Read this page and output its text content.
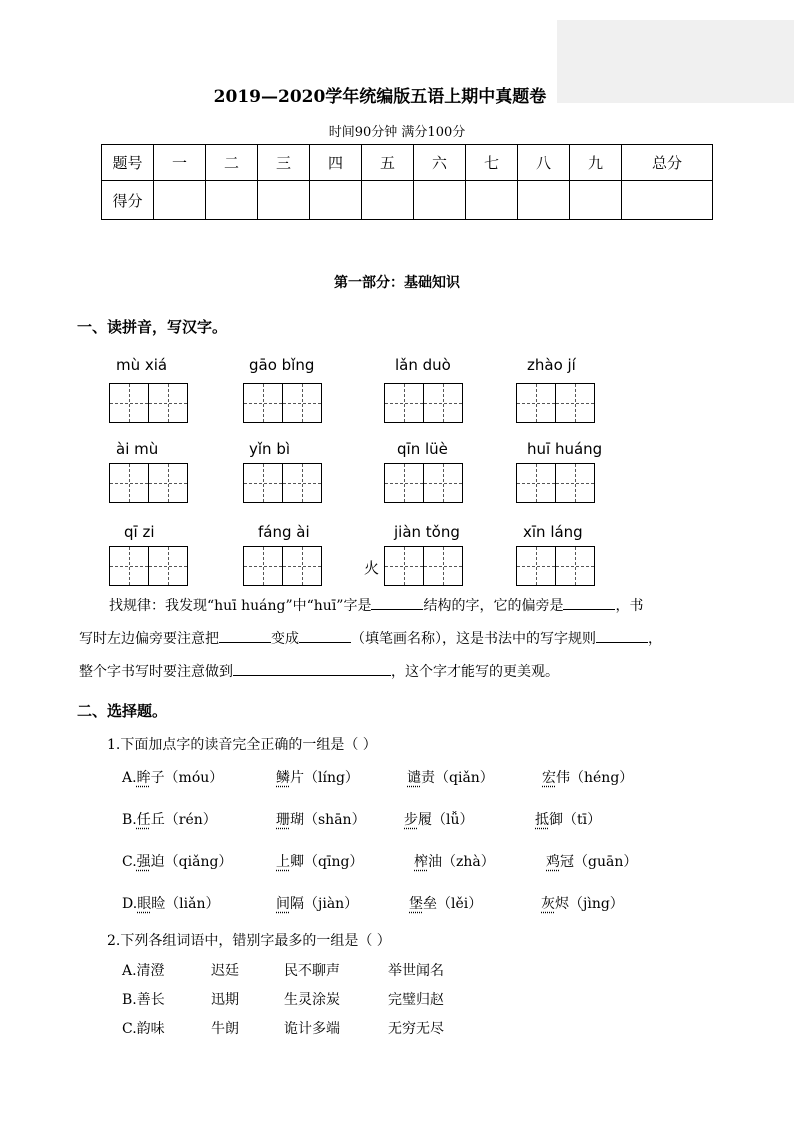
2019—2020学年统编版五语上期中真题卷
时间90分钟 满分100分
题号	一	二	三	四	五	六	七	八	九	总分
得分										
第一部分：基础知识
一、读拼音，写汉字。
mù xiá	gāo bǐng	lǎn duò	zhào jí
ài mù	yǐn bì	qīn lüè	huī huáng
qī zi	fáng ài	jiàn tǒng	xīn láng
火
找规律：我发现“huī huáng”中“huī”字是	结构的字，它的偏旁是	，书
写时左边偏旁要注意把	变成	（填笔画名称），这是书法中的写字规则	，
整个字书写时要注意做到	，这个字才能写的更美观。
二、选择题。
1.下面加点字的读音完全正确的一组是（ ）
A.眸子（móu）	鳞片（líng）	谴责（qiǎn）	宏伟（héng）
B.任丘（rén）	珊瑚（shān）	步履（lǚ）	抵御（tī）
C.强迫（qiǎng）	上卿（qīng）	榨油（zhà）	鸡冠（guān）
D.眼睑（liǎn）	间隔（jiàn）	堡垒（lěi）	灰烬（jìng）
2.下列各组词语中，错别字最多的一组是（ ）
A.清澄	迟廷	民不聊声	举世闻名
B.善长	迅期	生灵涂炭	完璧归赵
C.韵味	牛朗	诡计多端	无穷无尽
